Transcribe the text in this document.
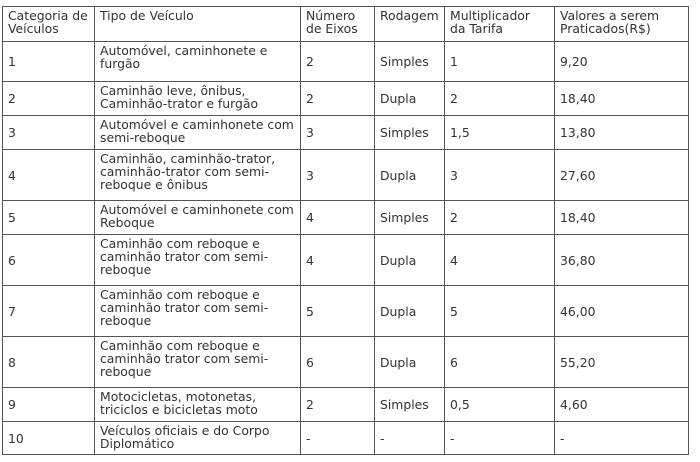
Categoria de Veículos	Tipo de Veículo	Número de Eixos	Rodagem	Multiplicador da Tarifa	Valores a serem Praticados(R$)
1	Automóvel, caminhonete e furgão	2	Simples	1	9,20
2	Caminhão leve, ônibus, Caminhão-trator e furgão	2	Dupla	2	18,40
3	Automóvel e caminhonete com semi-reboque	3	Simples	1,5	13,80
4	Caminhão, caminhão-trator, caminhão-trator com semi-reboque e ônibus	3	Dupla	3	27,60
5	Automóvel e caminhonete com Reboque	4	Simples	2	18,40
6	Caminhão com reboque e caminhão trator com semi-reboque	4	Dupla	4	36,80
7	Caminhão com reboque e caminhão trator com semi-reboque	5	Dupla	5	46,00
8	Caminhão com reboque e caminhão trator com semi-reboque	6	Dupla	6	55,20
9	Motocicletas, motonetas, triciclos e bicicletas moto	2	Simples	0,5	4,60
10	Veículos oficiais e do Corpo Diplomático	-	-	-	-
